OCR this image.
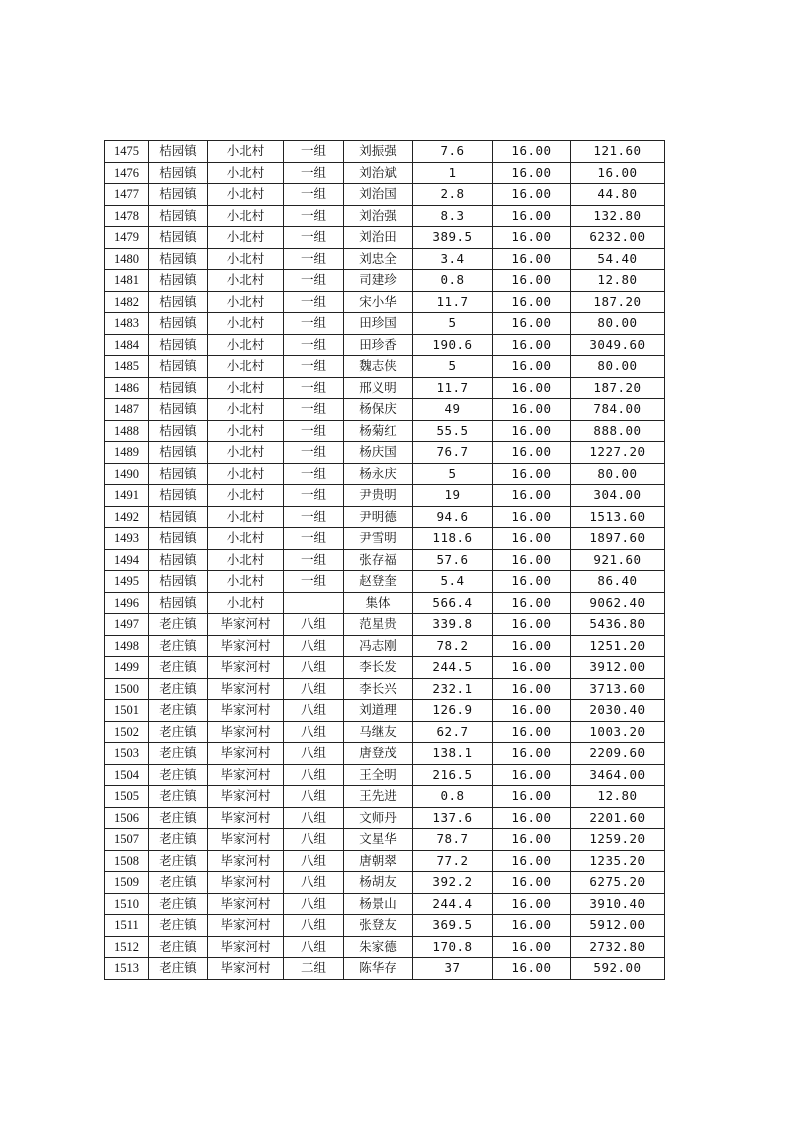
1475	桔园镇	小北村	一组	刘振强	7.6	16.00	121.60
1476	桔园镇	小北村	一组	刘治斌	1	16.00	16.00
1477	桔园镇	小北村	一组	刘治国	2.8	16.00	44.80
1478	桔园镇	小北村	一组	刘治强	8.3	16.00	132.80
1479	桔园镇	小北村	一组	刘治田	389.5	16.00	6232.00
1480	桔园镇	小北村	一组	刘忠全	3.4	16.00	54.40
1481	桔园镇	小北村	一组	司建珍	0.8	16.00	12.80
1482	桔园镇	小北村	一组	宋小华	11.7	16.00	187.20
1483	桔园镇	小北村	一组	田珍国	5	16.00	80.00
1484	桔园镇	小北村	一组	田珍香	190.6	16.00	3049.60
1485	桔园镇	小北村	一组	魏志侠	5	16.00	80.00
1486	桔园镇	小北村	一组	邢义明	11.7	16.00	187.20
1487	桔园镇	小北村	一组	杨保庆	49	16.00	784.00
1488	桔园镇	小北村	一组	杨菊红	55.5	16.00	888.00
1489	桔园镇	小北村	一组	杨庆国	76.7	16.00	1227.20
1490	桔园镇	小北村	一组	杨永庆	5	16.00	80.00
1491	桔园镇	小北村	一组	尹贵明	19	16.00	304.00
1492	桔园镇	小北村	一组	尹明德	94.6	16.00	1513.60
1493	桔园镇	小北村	一组	尹雪明	118.6	16.00	1897.60
1494	桔园镇	小北村	一组	张存福	57.6	16.00	921.60
1495	桔园镇	小北村	一组	赵登奎	5.4	16.00	86.40
1496	桔园镇	小北村		集体	566.4	16.00	9062.40
1497	老庄镇	毕家河村	八组	范星贵	339.8	16.00	5436.80
1498	老庄镇	毕家河村	八组	冯志刚	78.2	16.00	1251.20
1499	老庄镇	毕家河村	八组	李长发	244.5	16.00	3912.00
1500	老庄镇	毕家河村	八组	李长兴	232.1	16.00	3713.60
1501	老庄镇	毕家河村	八组	刘道理	126.9	16.00	2030.40
1502	老庄镇	毕家河村	八组	马继友	62.7	16.00	1003.20
1503	老庄镇	毕家河村	八组	唐登茂	138.1	16.00	2209.60
1504	老庄镇	毕家河村	八组	王全明	216.5	16.00	3464.00
1505	老庄镇	毕家河村	八组	王先进	0.8	16.00	12.80
1506	老庄镇	毕家河村	八组	文师丹	137.6	16.00	2201.60
1507	老庄镇	毕家河村	八组	文星华	78.7	16.00	1259.20
1508	老庄镇	毕家河村	八组	唐朝翠	77.2	16.00	1235.20
1509	老庄镇	毕家河村	八组	杨胡友	392.2	16.00	6275.20
1510	老庄镇	毕家河村	八组	杨景山	244.4	16.00	3910.40
1511	老庄镇	毕家河村	八组	张登友	369.5	16.00	5912.00
1512	老庄镇	毕家河村	八组	朱家德	170.8	16.00	2732.80
1513	老庄镇	毕家河村	二组	陈华存	37	16.00	592.00
